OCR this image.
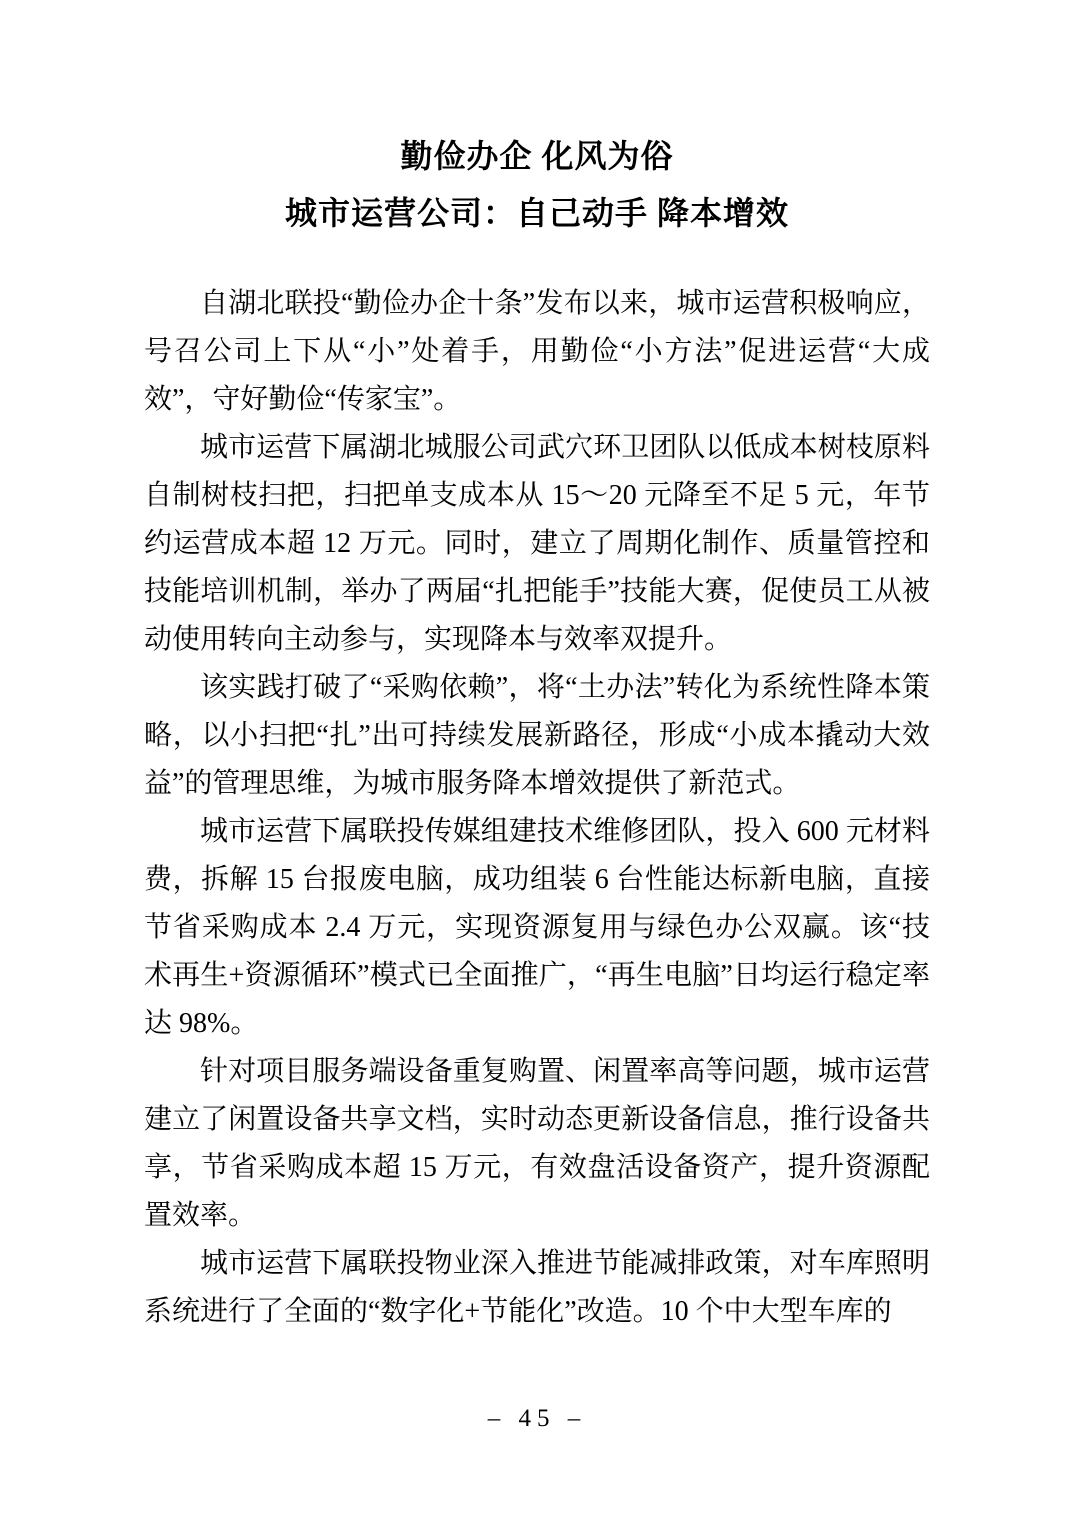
勤俭办企 化风为俗
城市运营公司：自己动手 降本增效

自湖北联投“勤俭办企十条”发布以来，城市运营积极响应，号召公司上下从“小”处着手，用勤俭“小方法”促进运营“大成效”，守好勤俭“传家宝”。

城市运营下属湖北城服公司武穴环卫团队以低成本树枝原料自制树枝扫把，扫把单支成本从 15～20 元降至不足 5 元，年节约运营成本超 12 万元。同时，建立了周期化制作、质量管控和技能培训机制，举办了两届“扎把能手”技能大赛，促使员工从被动使用转向主动参与，实现降本与效率双提升。

该实践打破了“采购依赖”，将“土办法”转化为系统性降本策略，以小扫把“扎”出可持续发展新路径，形成“小成本撬动大效益”的管理思维，为城市服务降本增效提供了新范式。

城市运营下属联投传媒组建技术维修团队，投入 600 元材料费，拆解 15 台报废电脑，成功组装 6 台性能达标新电脑，直接节省采购成本 2.4 万元，实现资源复用与绿色办公双赢。该“技术再生+资源循环”模式已全面推广，“再生电脑”日均运行稳定率达 98%。

针对项目服务端设备重复购置、闲置率高等问题，城市运营建立了闲置设备共享文档，实时动态更新设备信息，推行设备共享，节省采购成本超 15 万元，有效盘活设备资产，提升资源配置效率。

城市运营下属联投物业深入推进节能减排政策，对车库照明系统进行了全面的“数字化+节能化”改造。10 个中大型车库的

– 45 –
